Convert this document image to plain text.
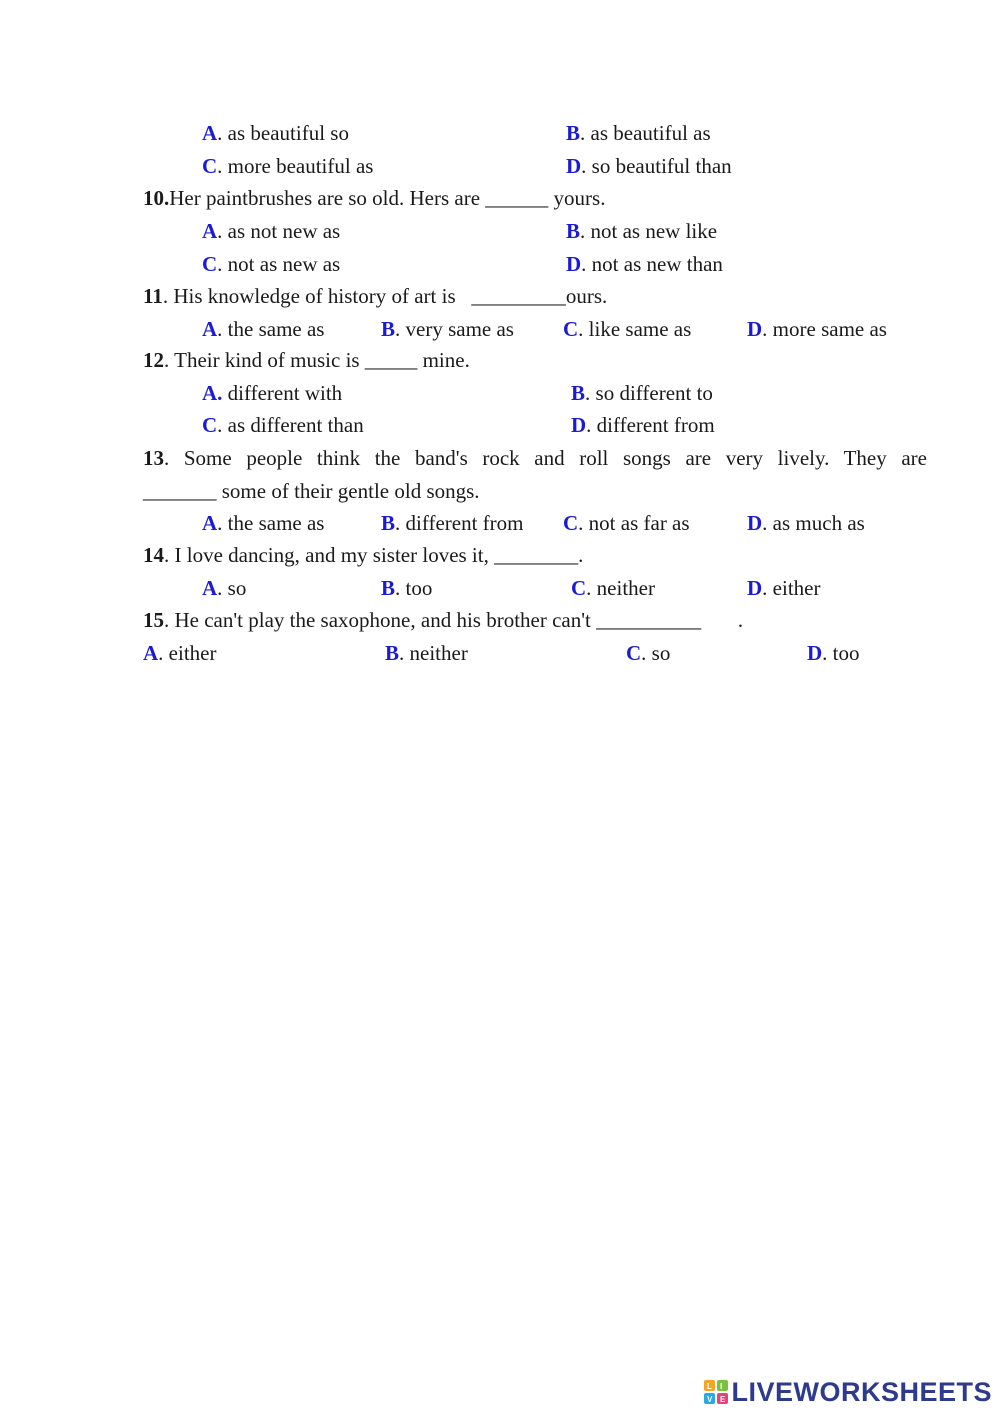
A. as beautiful so	B. as beautiful as
C. more beautiful as	D. so beautiful than
10.Her paintbrushes are so old. Hers are ______ yours.
A. as not new as	B. not as new like
C. not as new as	D. not as new than
11. His knowledge of history of art is   _________ours.
A. the same as	B. very same as C. like same as	D. more same as
12. Their kind of music is _____ mine.
A. different with	B. so different to
C. as different than	D. different from
13. Some people think the band's rock and roll songs are very lively. They are
_______ some of their gentle old songs.
A. the same as	B. different from C. not as far as	D. as much as
14. I love dancing, and my sister loves it, ________.
A. so	B. too	C. neither	D. either
15. He can't play the saxophone, and his brother can't __________       .
A. either	B. neither	C. so	D. too
L I
V E LIVEWORKSHEETS
